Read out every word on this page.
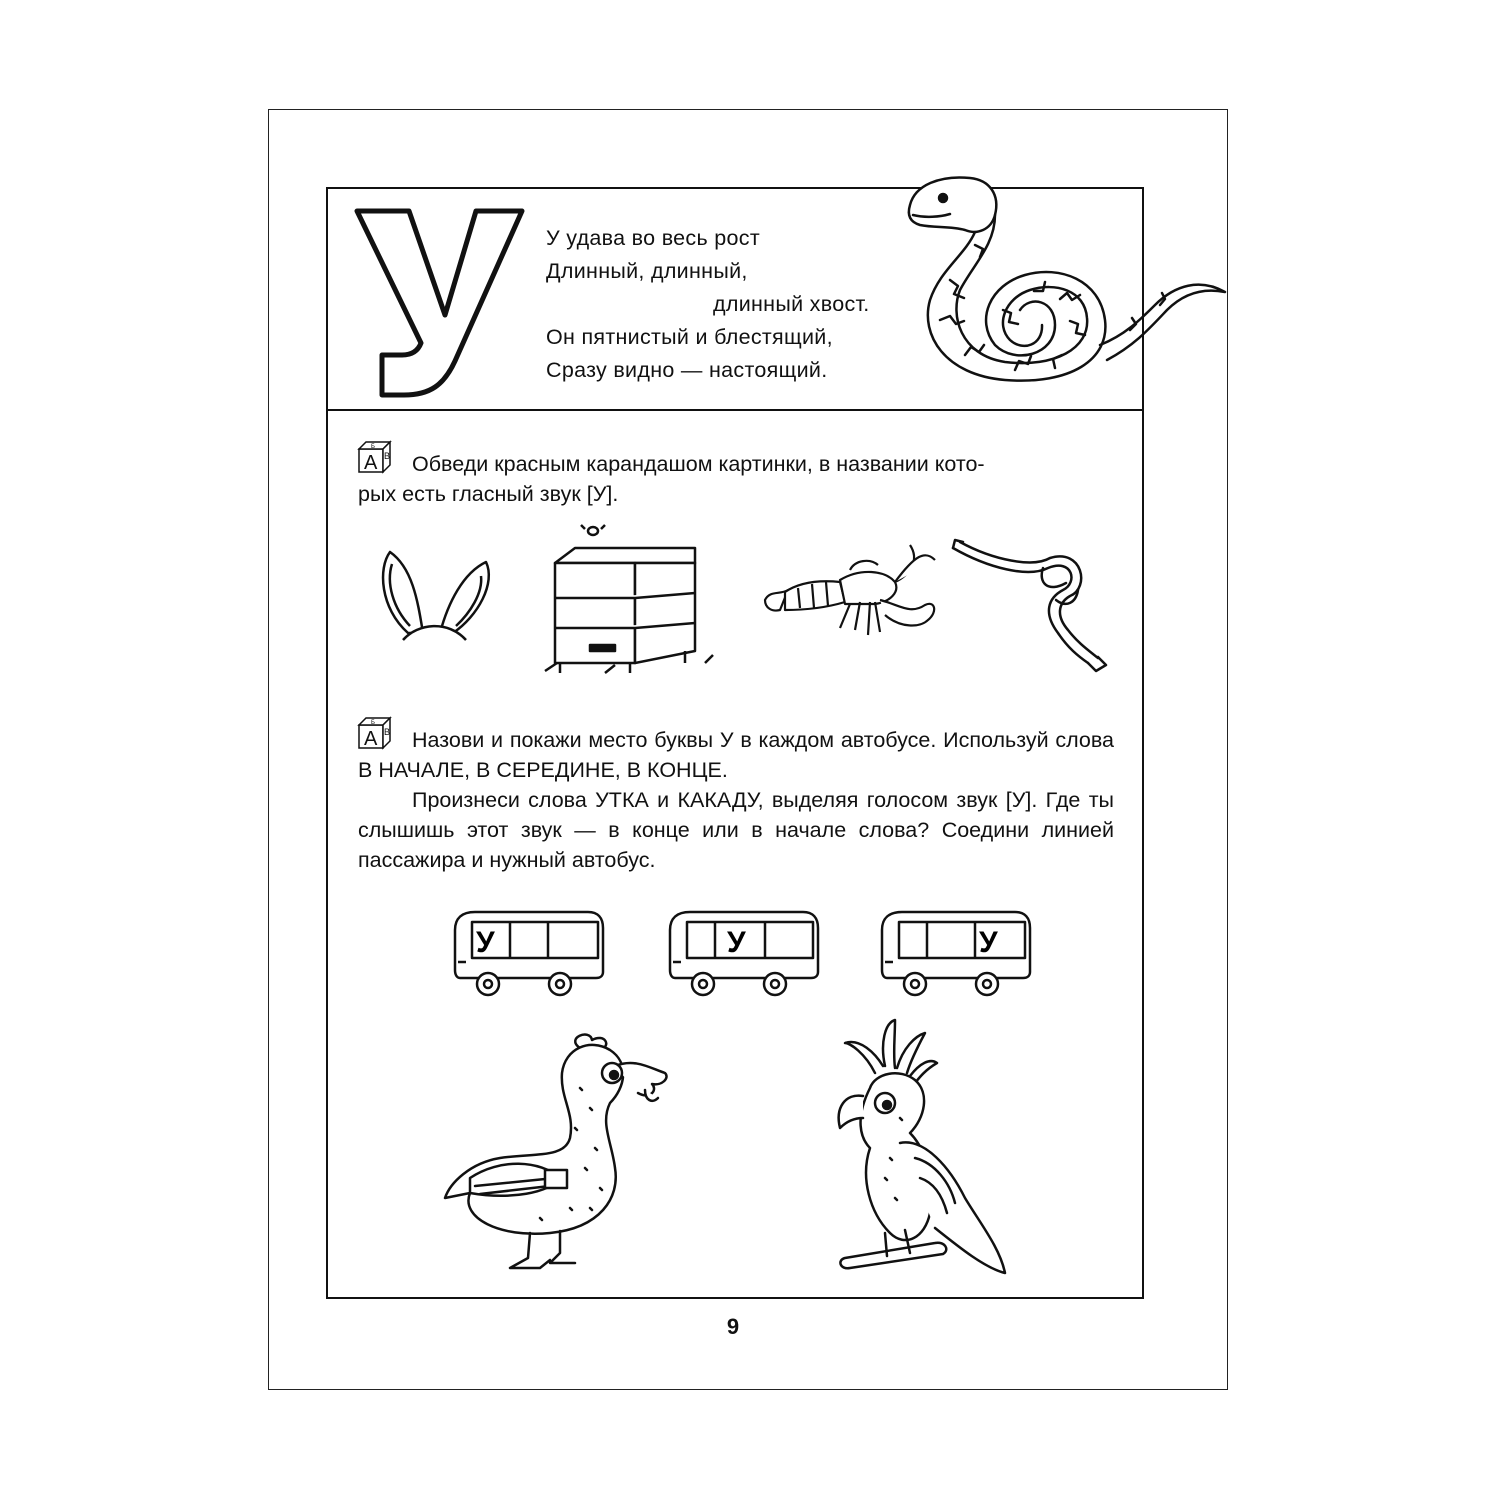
У удава во весь рост
Длинный, длинный,
длинный хвост.
Он пятнистый и блестящий,
Сразу видно — настоящий.
A
Б
В	Обведи красным карандашом картинки, в названии кото-
рых есть гласный звук [У].
A
Б
В	Назови и покажи место буквы У в каждом автобусе. Используй слова В НАЧАЛЕ, В СЕРЕДИНЕ, В КОНЦЕ.

Произнеси слова УТКА и КАКАДУ, выделяя голосом звук [У]. Где ты слышишь этот звук — в конце или в начале слова? Соедини линией пассажира и нужный автобус.

У	У	У
9
